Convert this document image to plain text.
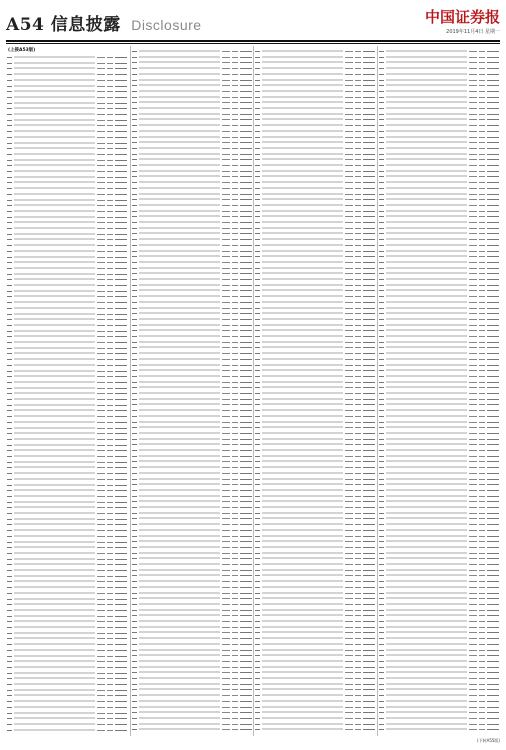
A54 信息披露 Disclosure	中国证券报
2019年11月4日 星期一
(上接A53版)
(下转A55版)
